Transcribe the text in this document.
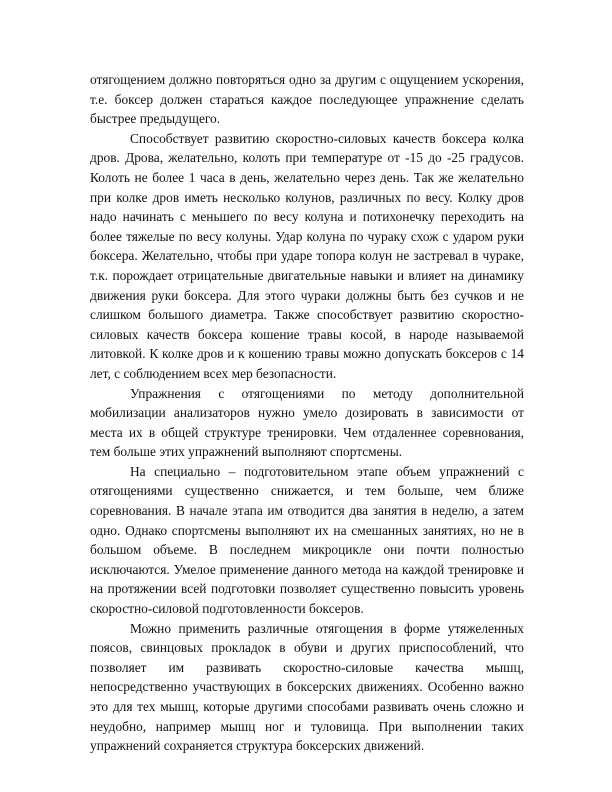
отягощением должно повторяться одно за другим с ощущением ускорения, т.е. боксер должен стараться каждое последующее упражнение сделать быстрее предыдущего.

Способствует развитию скоростно-силовых качеств боксера колка дров. Дрова, желательно, колоть при температуре от -15 до -25 градусов. Колоть не более 1 часа в день, желательно через день. Так же желательно при колке дров иметь несколько колунов, различных по весу. Колку дров надо начинать с меньшего по весу колуна и потихонечку переходить на более тяжелые по весу колуны. Удар колуна по чураку схож с ударом руки боксера. Желательно, чтобы при ударе топора колун не застревал в чураке, т.к. порождает отрицательные двигательные навыки и влияет на динамику движения руки боксера. Для этого чураки должны быть без сучков и не слишком большого диаметра. Также способствует развитию скоростно-силовых качеств боксера кошение травы косой, в народе называемой литовкой. К колке дров и к кошению травы можно допускать боксеров с 14 лет, с соблюдением всех мер безопасности.

Упражнения с отягощениями по методу дополнительной мобилизации анализаторов нужно умело дозировать в зависимости от места их в общей структуре тренировки. Чем отдаленнее соревнования, тем больше этих упражнений выполняют спортсмены.

На специально – подготовительном этапе объем упражнений с отягощениями существенно снижается, и тем больше, чем ближе соревнования. В начале этапа им отводится два занятия в неделю, а затем одно. Однако спортсмены выполняют их на смешанных занятиях, но не в большом объеме. В последнем микроцикле они почти полностью исключаются. Умелое применение данного метода на каждой тренировке и на протяжении всей подготовки позволяет существенно повысить уровень скоростно-силовой подготовленности боксеров.

Можно применить различные отягощения в форме утяжеленных поясов, свинцовых прокладок в обуви и других приспособлений, что позволяет им развивать скоростно-силовые качества мышц, непосредственно участвующих в боксерских движениях. Особенно важно это для тех мышц, которые другими способами развивать очень сложно и неудобно, например мышц ног и туловища. При выполнении таких упражнений сохраняется структура боксерских движений.
